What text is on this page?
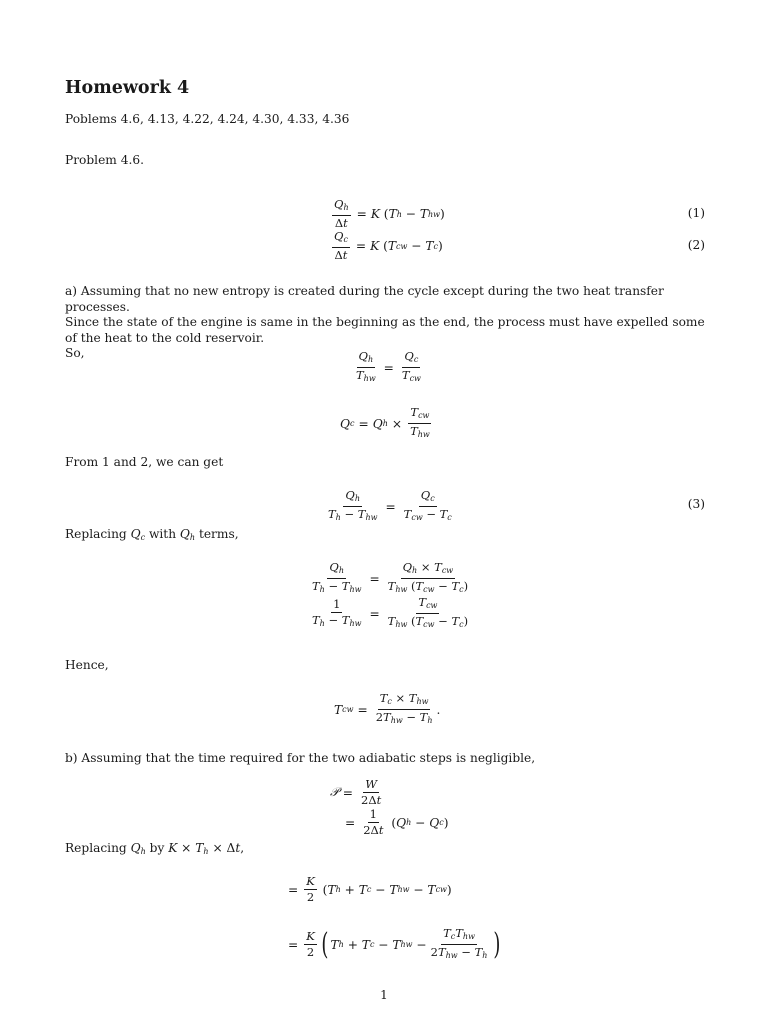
Homework 4
Poblems 4.6, 4.13, 4.22, 4.24, 4.30, 4.33, 4.36
Problem 4.6.
$\frac{Q_h}{\Delta t} = K$ ( T h − T hw )	(1)
$\frac{Q_c}{\Delta t} = K$ ( T cw − T c )	(2)
a) Assuming that no new entropy is created during the cycle except during the two heat transfer processes.
Since the state of the engine is same in the beginning as the end, the process must have expelled some of the heat to the cold reservoir.
So,	$\frac{Q_h}{T_{hw}} = \frac{Q_c}{T_{cw}}$
Q c = Q $h \times \frac{T_{cw}}{T_{hw}}$
From 1 and 2, we can get
$\frac{Q_h}{T_h - T_{hw}} = \frac{Q_c}{T_{cw} - T_c}$	(3)
Replacing $Q_c$ with $Q_h$ terms,
$\frac{Q_h}{T_h - T_{hw}} = \frac{Q_h \times T_{cw}}{T_{hw} (T_{cw} - T_c)}$
$\frac{1}{T_h - T_{hw}} = \frac{T_{cw}}{T_{hw} (T_{cw} - T_c)}$
Hence,
T cw = $\frac{T_c \times T_{hw}}{2T_{hw} - T_h}$ .
b) Assuming that the time required for the two adiabatic steps is negligible,
𝒫 = $\frac{W}{2\Delta t}$
= $\frac{1}{2\Delta t}$ ( Q h − Q c )
Replacing $Q_h$ by $K \times T_h \times \Delta t$,
= $\frac{K}{2}$ ( T h + T c − T hw − T cw )
= $\frac{K}{2}$ ( T h + T c − T hw − $\frac{T_cT_{hw}}{2T_{hw} - T_h}$ )
1
